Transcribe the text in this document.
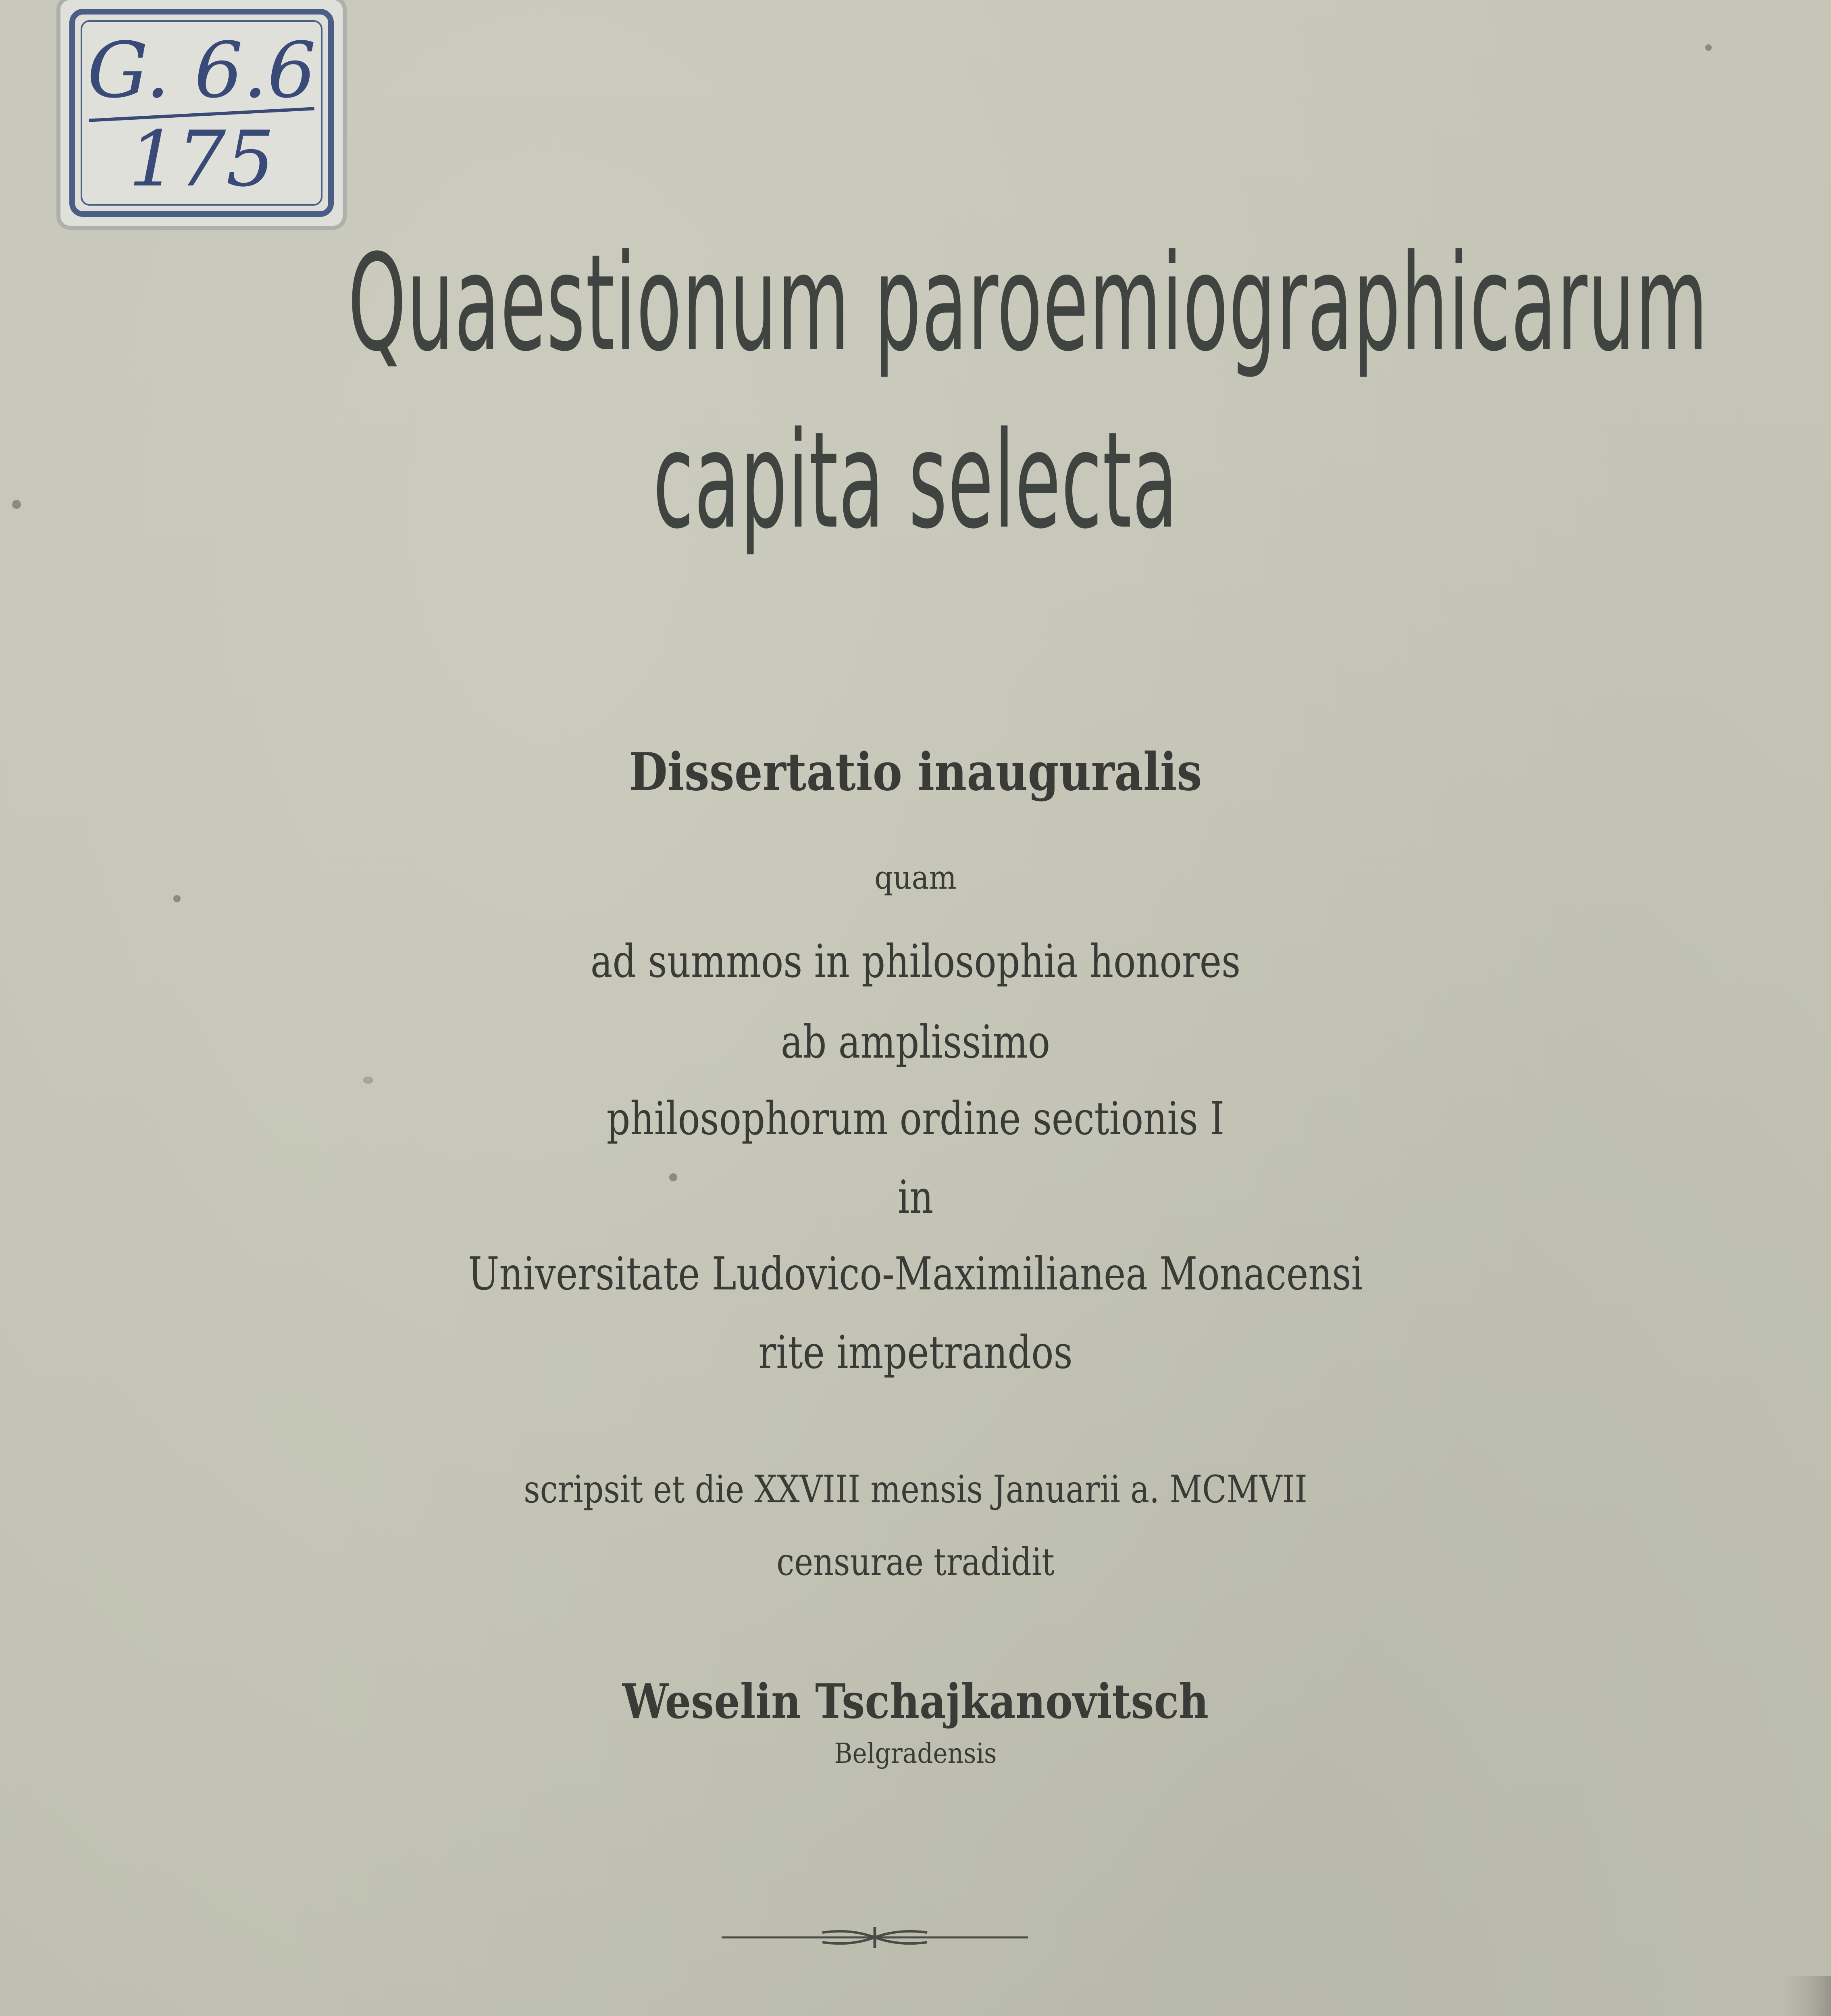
G. 6.6
175
Quaestionum paroemiographicarum
capita selecta
Dissertatio inauguralis
quam
ad summos in philosophia honores
ab amplissimo
philosophorum ordine sectionis I
in
Universitate Ludovico-Maximilianea Monacensi
rite impetrandos
scripsit et die XXVIII mensis Januarii a. MCMVII
censurae tradidit
Weselin Tschajkanovitsch
Belgradensis
